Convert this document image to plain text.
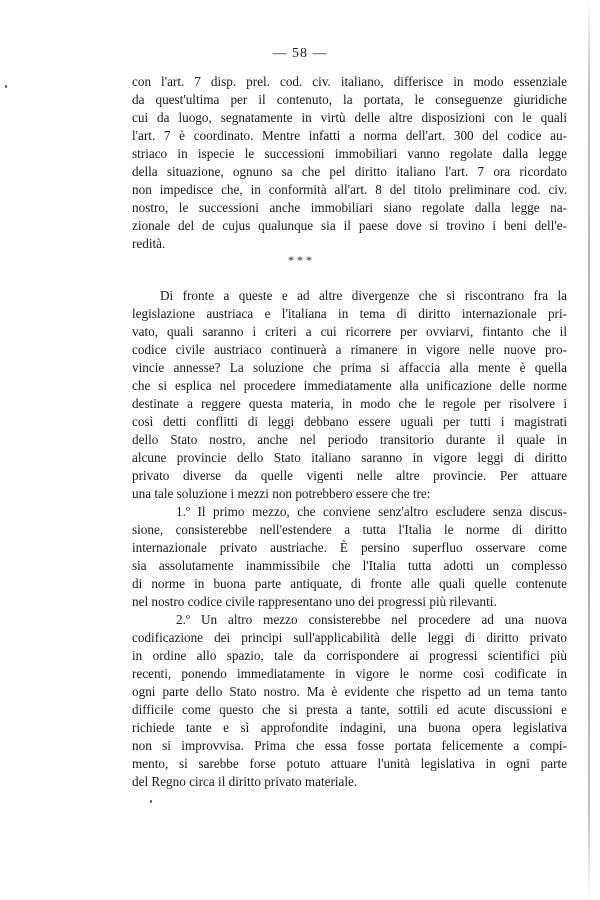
— 58 —
con l'art. 7 disp. prel. cod. civ. italiano, differisce in modo essenziale
da quest'ultima per il contenuto, la portata, le conseguenze giuridiche
cui da luogo, segnatamente in virtù delle altre disposizioni con le quali
l'art. 7 è coordinato. Mentre infatti a norma dell'art. 300 del codice au-
striaco in ispecie le successioni immobiliari vanno regolate dalla legge
della situazione, ognuno sa che pel diritto italiano l'art. 7 ora ricordato
non impedisce che, in conformità all'art. 8 del titolo preliminare cod. civ.
nostro, le successioni anche immobiliari siano regolate dalla legge na-
zionale del de cujus qualunque sia il paese dove si trovino i beni dell'e-
redità.
* * *
Di fronte a queste e ad altre divergenze che si riscontrano fra la
legislazione austriaca e l'italiana in tema di diritto internazionale pri-
vato, quali saranno i criteri a cui ricorrere per ovviarvi, fintanto che il
codice civile austriaco continuerà a rimanere in vigore nelle nuove pro-
vincie annesse? La soluzione che prima si affaccia alla mente è quella
che si esplica nel procedere immediatamente alla unificazione delle norme
destinate a reggere questa materia, in modo che le regole per risolvere i
così detti conflitti di leggi debbano essere uguali per tutti i magistrati
dello Stato nostro, anche nel periodo transitorio durante il quale in
alcune provincie dello Stato italiano saranno in vigore leggi di diritto
privato diverse da quelle vigenti nelle altre provincie. Per attuare
una tale soluzione i mezzi non potrebbero essere che tre:
1.º Il primo mezzo, che conviene senz'altro escludere senza discus-
sione, consisterebbe nell'estendere a tutta l'Italia le norme di diritto
internazionale privato austriache. È persino superfluo osservare come
sia assolutamente inammissibile che l'Italia tutta adotti un complesso
di norme in buona parte antiquate, di fronte alle quali quelle contenute
nel nostro codice civile rappresentano uno dei progressi più rilevanti.
2.º Un altro mezzo consisterebbe nel procedere ad una nuova
codificazione dei principi sull'applicabilità delle leggi di diritto privato
in ordine allo spazio, tale da corrispondere ai progressi scientifici più
recenti, ponendo immediatamente in vigore le norme così codificate in
ogni parte dello Stato nostro. Ma è evidente che rispetto ad un tema tanto
difficile come questo che si presta a tante, sottili ed acute discussioni e
richiede tante e sì approfondite indagini, una buona opera legislativa
non si improvvisa. Prima che essa fosse portata felicemente a compi-
mento, si sarebbe forse potuto attuare l'unità legislativa in ogni parte
del Regno circa il diritto privato materiale.
